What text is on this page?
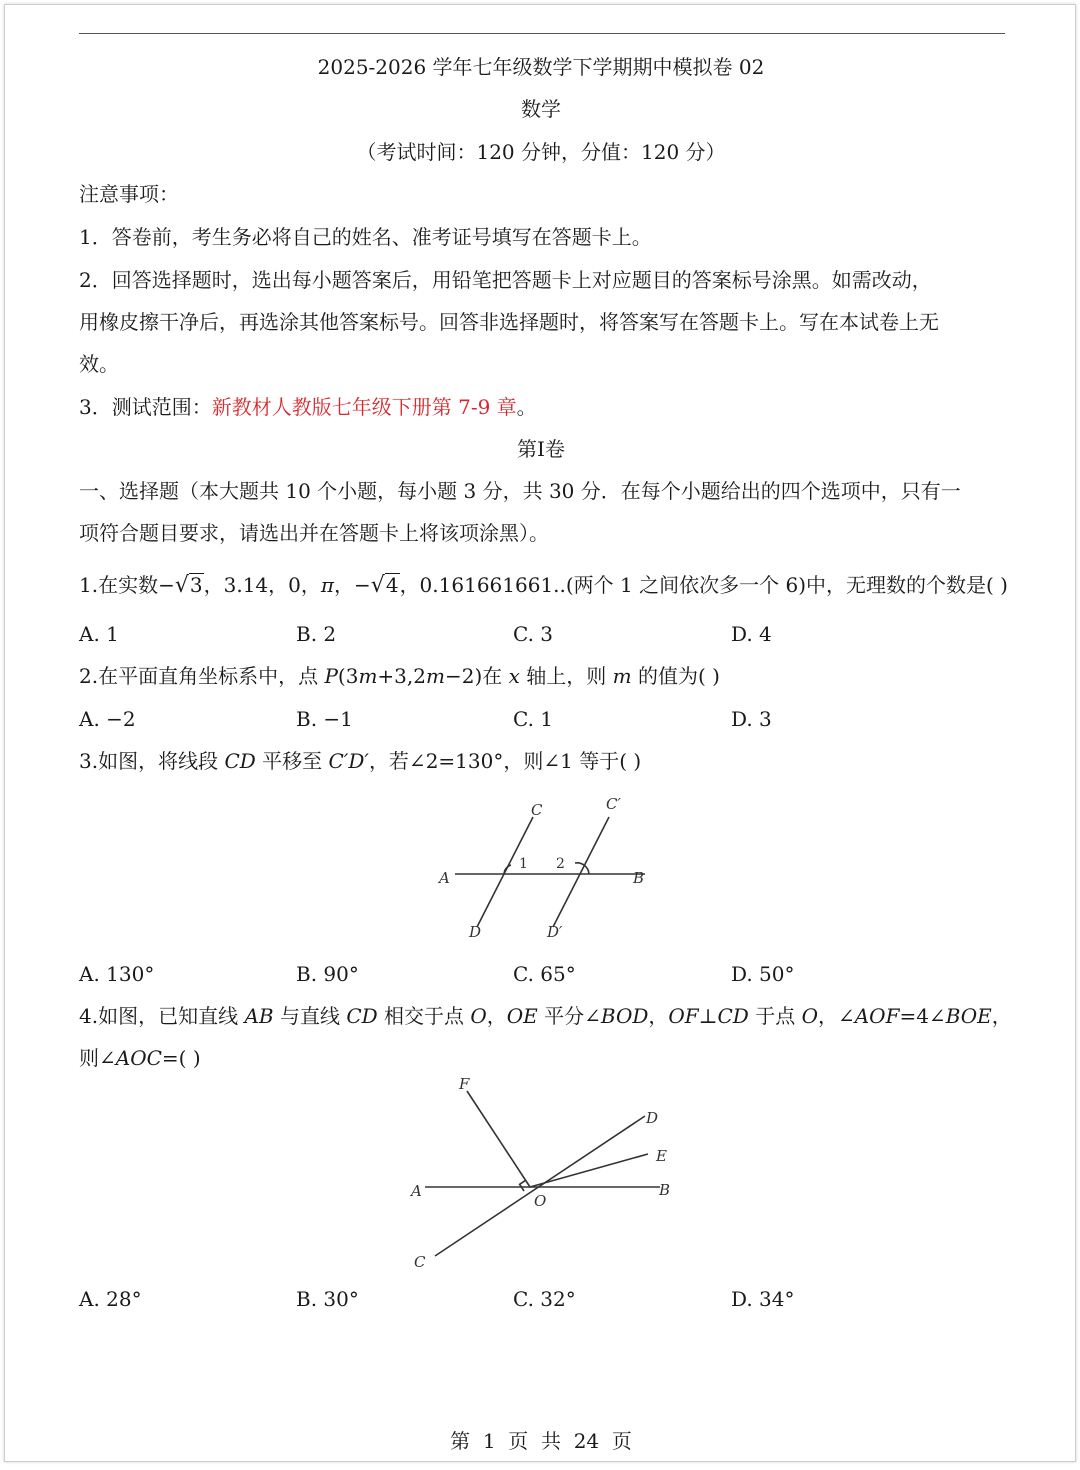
2025-2026 学年七年级数学下学期期中模拟卷 02
数学
（考试时间：120 分钟，分值：120 分）
注意事项：
1．答卷前，考生务必将自己的姓名、准考证号填写在答题卡上。
2．回答选择题时，选出每小题答案后，用铅笔把答题卡上对应题目的答案标号涂黑。如需改动，
用橡皮擦干净后，再选涂其他答案标号。回答非选择题时，将答案写在答题卡上。写在本试卷上无
效。
3．测试范围：新教材人教版七年级下册第 7-9 章。
第Ⅰ卷
一、选择题（本大题共 10 个小题，每小题 3 分，共 30 分．在每个小题给出的四个选项中，只有一
项符合题目要求，请选出并在答题卡上将该项涂黑）。
1.在实数−√3，3.14，0，π，−√4，0.161661661..(两个 1 之间依次多一个 6)中，无理数的个数是( )
A. 1	B. 2	C. 3	D. 4
2.在平面直角坐标系中，点 P(3m+3,2m−2)在 x 轴上，则 m 的值为( )
A. −2	B. −1	C. 1	D. 3
3.如图，将线段 CD 平移至 C′D′，若∠2=130°，则∠1 等于( )
A	B
C
D
C′
D′
1 2
A. 130°	B. 90°	C. 65°	D. 50°
4.如图，已知直线 AB 与直线 CD 相交于点 O，OE 平分∠BOD，OF⊥CD 于点 O，∠AOF=4∠BOE，
则∠AOC=( )
F
D
E
A	B
O
C
A. 28°	B. 30°	C. 32°	D. 34°
第  1  页  共  24  页
